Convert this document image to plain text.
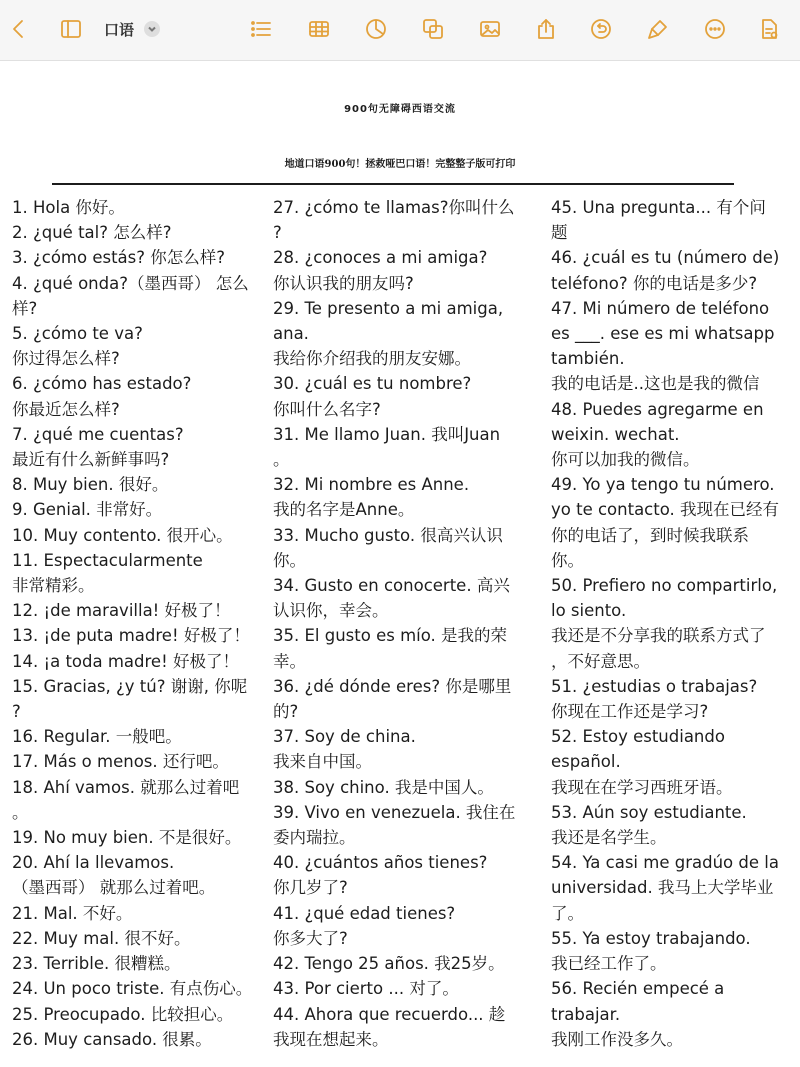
口语
900句无障碍西语交流
地道口语900句！拯救哑巴口语！完整整子版可打印
1. Hola 你好。
2. ¿qué tal? 怎么样?
3. ¿cómo estás? 你怎么样?
4. ¿qué onda?（墨西哥） 怎么
样?
5. ¿cómo te va?
你过得怎么样?
6. ¿cómo has estado?
你最近怎么样?
7. ¿qué me cuentas?
最近有什么新鲜事吗?
8. Muy bien. 很好。
9. Genial. 非常好。
10. Muy contento. 很开心。
11. Espectacularmente
非常精彩。
12. ¡de maravilla! 好极了！
13. ¡de puta madre! 好极了！
14. ¡a toda madre! 好极了！
15. Gracias, ¿y tú? 谢谢, 你呢
?
16. Regular. 一般吧。
17. Más o menos. 还行吧。
18. Ahí vamos. 就那么过着吧
。
19. No muy bien. 不是很好。
20. Ahí la llevamos.
（墨西哥） 就那么过着吧。
21. Mal. 不好。
22. Muy mal. 很不好。
23. Terrible. 很糟糕。
24. Un poco triste. 有点伤心。
25. Preocupado. 比较担心。
26. Muy cansado. 很累。
27. ¿cómo te llamas?你叫什么
?
28. ¿conoces a mi amiga?
你认识我的朋友吗?
29. Te presento a mi amiga,
ana.
我给你介绍我的朋友安娜。
30. ¿cuál es tu nombre?
你叫什么名字?
31. Me llamo Juan. 我叫Juan
。
32. Mi nombre es Anne.
我的名字是Anne。
33. Mucho gusto. 很高兴认识
你。
34. Gusto en conocerte. 高兴
认识你，幸会。
35. El gusto es mío. 是我的荣
幸。
36. ¿dé dónde eres? 你是哪里
的?
37. Soy de china.
我来自中国。
38. Soy chino. 我是中国人。
39. Vivo en venezuela. 我住在
委内瑞拉。
40. ¿cuántos años tienes?
你几岁了?
41. ¿qué edad tienes?
你多大了?
42. Tengo 25 años. 我25岁。
43. Por cierto ... 对了。
44. Ahora que recuerdo... 趁
我现在想起来。
45. Una pregunta... 有个问
题
46. ¿cuál es tu (número de)
teléfono? 你的电话是多少?
47. Mi número de teléfono
es ___. ese es mi whatsapp
también.
我的电话是..这也是我的微信
48. Puedes agregarme en
weixin. wechat.
你可以加我的微信。
49. Yo ya tengo tu número.
yo te contacto. 我现在已经有
你的电话了，到时候我联系
你。
50. Prefiero no compartirlo,
lo siento.
我还是不分享我的联系方式了
，不好意思。
51. ¿estudias o trabajas?
你现在工作还是学习?
52. Estoy estudiando
español.
我现在在学习西班牙语。
53. Aún soy estudiante.
我还是名学生。
54. Ya casi me gradúo de la
universidad. 我马上大学毕业
了。
55. Ya estoy trabajando.
我已经工作了。
56. Recién empecé a
trabajar.
我刚工作没多久。
